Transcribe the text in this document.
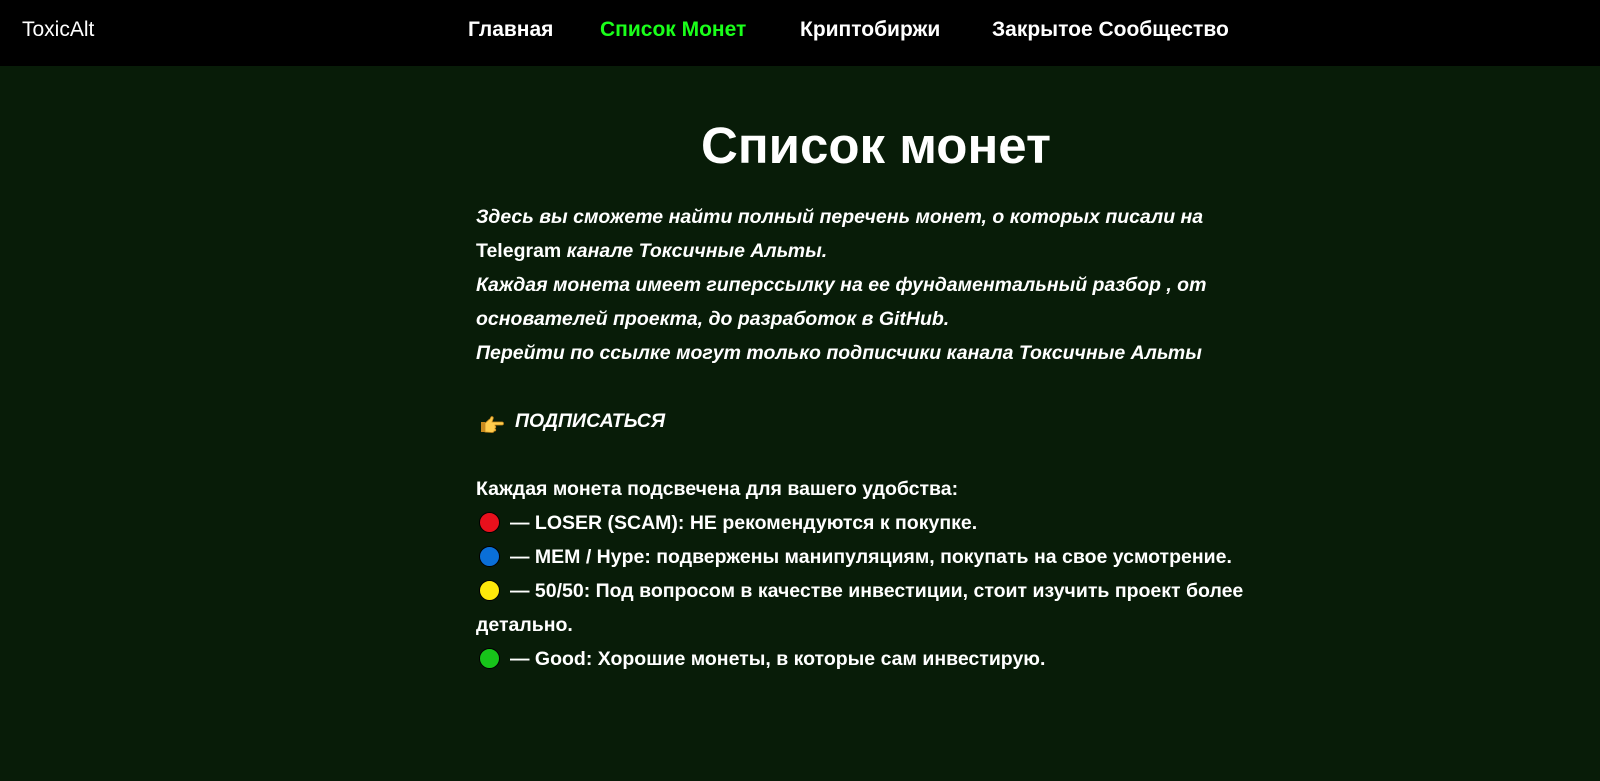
ToxicAlt	Главная Список Монет	Криптобиржи Закрытое Сообщество
Список монет

Здесь вы сможете найти полный перечень монет, о которых писали на
Telegram канале Токсичные Альты.
Каждая монета имеет гиперссылку на ее фундаментальный разбор , от основателей проекта, до разработок в GitHub.
Перейти по ссылке могут только подписчики канала Токсичные Альты

ПОДПИСАТЬСЯ

Каждая монета подсвечена для вашего удобства:

— LOSER (SCAM): НЕ рекомендуются к покупке.

— MEM / Hype: подвержены манипуляциям, покупать на свое усмотрение.

— 50/50: Под вопросом в качестве инвестиции, стоит изучить проект более детально.

— Good: Хорошие монеты, в которые сам инвестирую.
